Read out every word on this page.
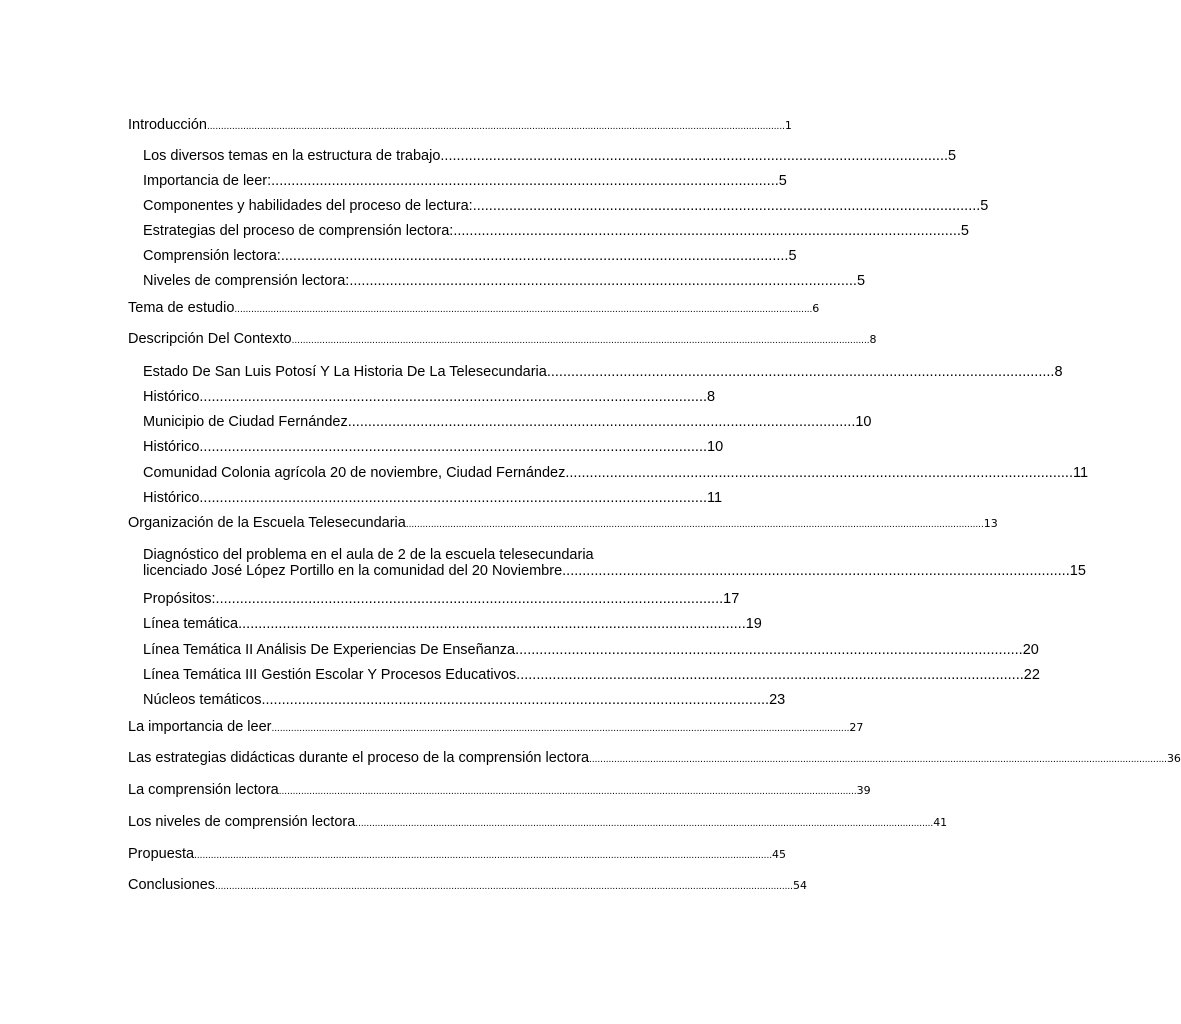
Introducción ................................................................................................................................................................................................................ 1
Los diversos temas en la estructura de trabajo .............................................................................................................................. 5
Importancia de leer: .............................................................................................................................. 5
Componentes y habilidades del proceso de lectura: .............................................................................................................................. 5
Estrategias del proceso de comprensión lectora: .............................................................................................................................. 5
Comprensión lectora: .............................................................................................................................. 5
Niveles de comprensión lectora: .............................................................................................................................. 5
Tema de estudio ................................................................................................................................................................................................................ 6
Descripción Del Contexto ................................................................................................................................................................................................................ 8
Estado De San Luis Potosí Y La Historia De La Telesecundaria .............................................................................................................................. 8
Histórico .............................................................................................................................. 8
Municipio de Ciudad Fernández .............................................................................................................................. 10
Histórico .............................................................................................................................. 10
Comunidad Colonia agrícola 20 de noviembre, Ciudad Fernández .............................................................................................................................. 11
Histórico .............................................................................................................................. 11
Organización de la Escuela Telesecundaria ................................................................................................................................................................................................................ 13
Diagnóstico del problema en el aula de 2 de la escuela telesecundaria
licenciado José López Portillo en la comunidad del 20 Noviembre .............................................................................................................................. 15
Propósitos: .............................................................................................................................. 17
Línea temática .............................................................................................................................. 19
Línea Temática II Análisis De Experiencias De Enseñanza .............................................................................................................................. 20
Línea Temática III Gestión Escolar Y Procesos Educativos .............................................................................................................................. 22
Núcleos temáticos .............................................................................................................................. 23
La importancia de leer ................................................................................................................................................................................................................ 27
Las estrategias didácticas durante el proceso de la comprensión lectora ................................................................................................................................................................................................................ 36
La comprensión lectora ................................................................................................................................................................................................................ 39
Los niveles de comprensión lectora ................................................................................................................................................................................................................ 41
Propuesta ................................................................................................................................................................................................................ 45
Conclusiones ................................................................................................................................................................................................................ 54
